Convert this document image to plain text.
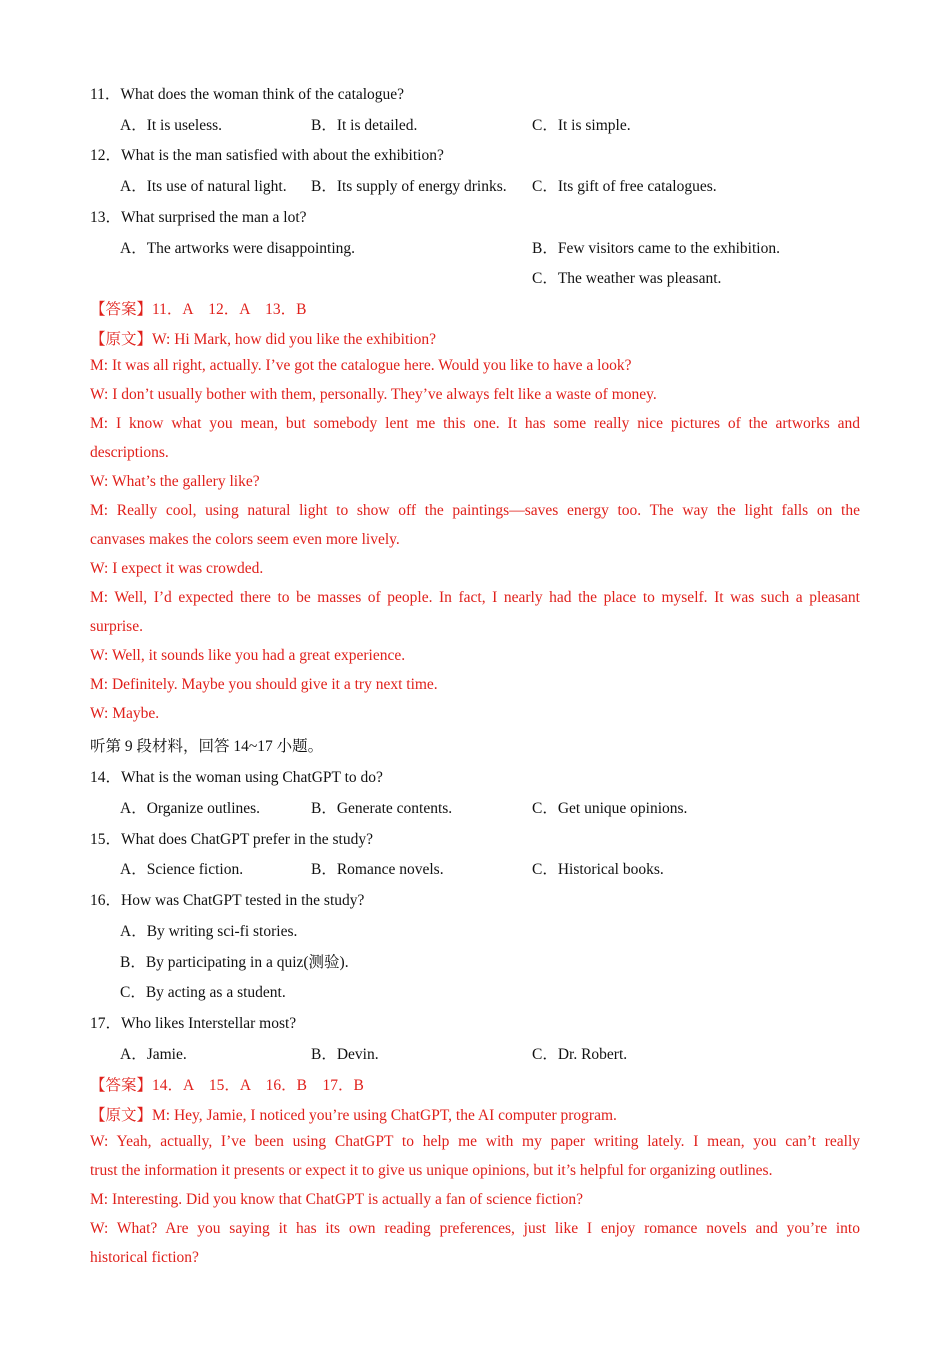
11．What does the woman think of the catalogue?
A．It is useless.	B．It is detailed.	C．It is simple.
12．What is the man satisfied with about the exhibition?
A．Its use of natural light. B．Its supply of energy drinks. C．Its gift of free catalogues.
13．What surprised the man a lot?
A．The artworks were disappointing.	B．Few visitors came to the exhibition.
C．The weather was pleasant.
【答案】11．A　12．A　13．B
【原文】W: Hi Mark, how did you like the exhibition?
M: It was all right, actually. I’ve got the catalogue here. Would you like to have a look?
W: I don’t usually bother with them, personally. They’ve always felt like a waste of money.
M: I know what you mean, but somebody lent me this one. It has some really nice pictures of the artworks and
descriptions.
W: What’s the gallery like?
M: Really cool, using natural light to show off the paintings—saves energy too. The way the light falls on the
canvases makes the colors seem even more lively.
W: I expect it was crowded.
M: Well, I’d expected there to be masses of people. In fact, I nearly had the place to myself. It was such a pleasant
surprise.
W: Well, it sounds like you had a great experience.
M: Definitely. Maybe you should give it a try next time.
W: Maybe.
听第 9 段材料，回答 14~17 小题。
14．What is the woman using ChatGPT to do?
A．Organize outlines.	B．Generate contents.	C．Get unique opinions.
15．What does ChatGPT prefer in the study?
A．Science fiction.	B．Romance novels.	C．Historical books.
16．How was ChatGPT tested in the study?
A．By writing sci-fi stories.
B．By participating in a quiz(测验).
C．By acting as a student.
17．Who likes Interstellar most?
A．Jamie.	B．Devin.	C．Dr. Robert.
【答案】14．A　15．A　16．B　17．B
【原文】M: Hey, Jamie, I noticed you’re using ChatGPT, the AI computer program.
W: Yeah, actually, I’ve been using ChatGPT to help me with my paper writing lately. I mean, you can’t really
trust the information it presents or expect it to give us unique opinions, but it’s helpful for organizing outlines.
M: Interesting. Did you know that ChatGPT is actually a fan of science fiction?
W: What? Are you saying it has its own reading preferences, just like I enjoy romance novels and you’re into
historical fiction?
